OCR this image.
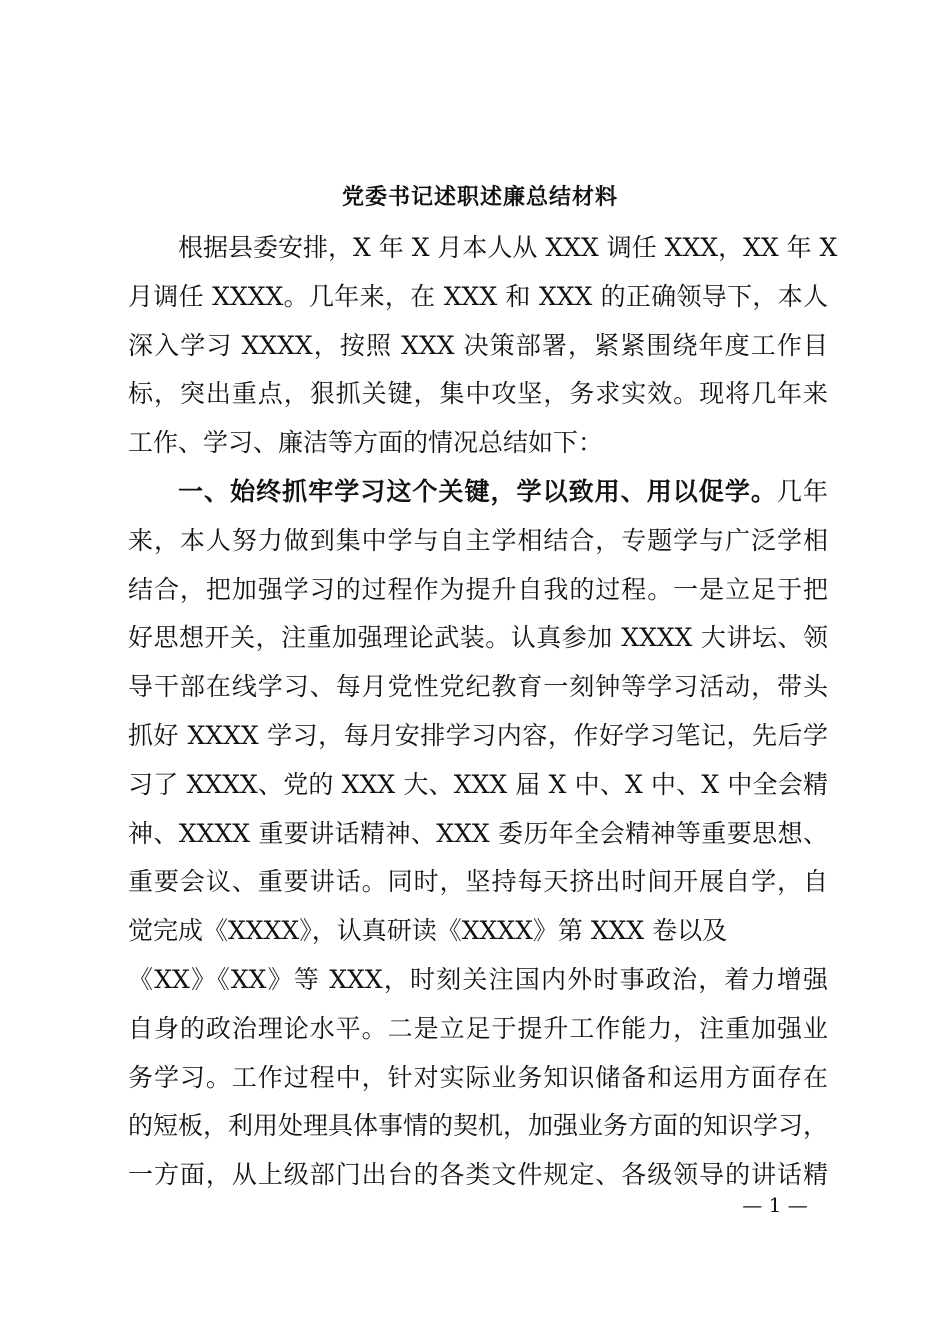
党委书记述职述廉总结材料
根据县委安排，X 年 X 月本人从 XXX 调任 XXX，XX 年 X
月调任 XXXX。几年来，在 XXX 和 XXX 的正确领导下，本人
深入学习 XXXX，按照 XXX 决策部署，紧紧围绕年度工作目
标，突出重点，狠抓关键，集中攻坚，务求实效。现将几年来
工作、学习、廉洁等方面的情况总结如下：
一、始终抓牢学习这个关键，学以致用、用以促学。几年
来，本人努力做到集中学与自主学相结合，专题学与广泛学相
结合，把加强学习的过程作为提升自我的过程。一是立足于把
好思想开关，注重加强理论武装。认真参加 XXXX 大讲坛、领
导干部在线学习、每月党性党纪教育一刻钟等学习活动，带头
抓好 XXXX 学习，每月安排学习内容，作好学习笔记，先后学
习了 XXXX、党的 XXX 大、XXX 届 X 中、X 中、X 中全会精
神、XXXX 重要讲话精神、XXX 委历年全会精神等重要思想、
重要会议、重要讲话。同时，坚持每天挤出时间开展自学，自
觉完成《XXXX》，认真研读《XXXX》第 XXX 卷以及
《XX》《XX》等 XXX，时刻关注国内外时事政治，着力增强
自身的政治理论水平。二是立足于提升工作能力，注重加强业
务学习。工作过程中，针对实际业务知识储备和运用方面存在
的短板，利用处理具体事情的契机，加强业务方面的知识学习，
一方面，从上级部门出台的各类文件规定、各级领导的讲话精
— 1 —
